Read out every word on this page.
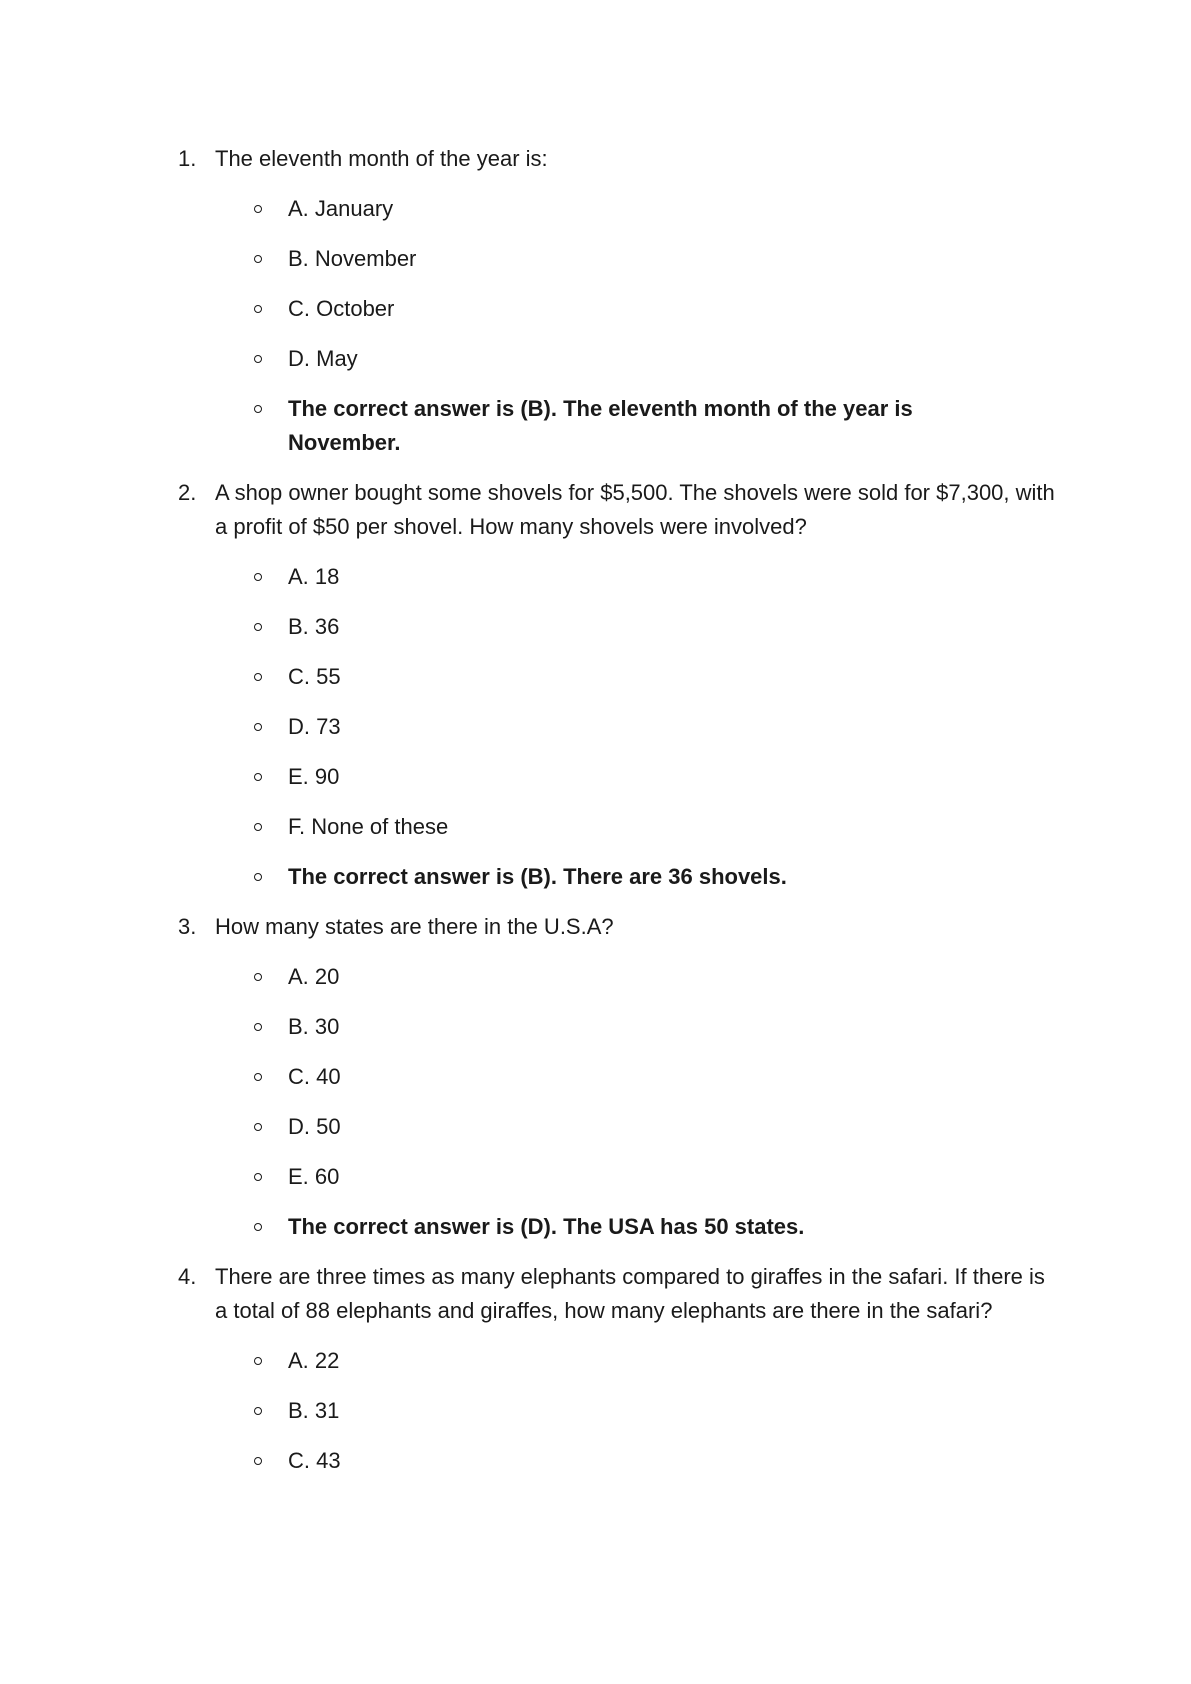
1. The eleventh month of the year is:
A. January
B. November
C. October
D. May
The correct answer is (B). The eleventh month of the year is November.
2. A shop owner bought some shovels for $5,500. The shovels were sold for $7,300, with a profit of $50 per shovel. How many shovels were involved?
A. 18
B. 36
C. 55
D. 73
E. 90
F. None of these
The correct answer is (B). There are 36 shovels.
3. How many states are there in the U.S.A?
A. 20
B. 30
C. 40
D. 50
E. 60
The correct answer is (D). The USA has 50 states.
4. There are three times as many elephants compared to giraffes in the safari. If there is a total of 88 elephants and giraffes, how many elephants are there in the safari?
A. 22
B. 31
C. 43
